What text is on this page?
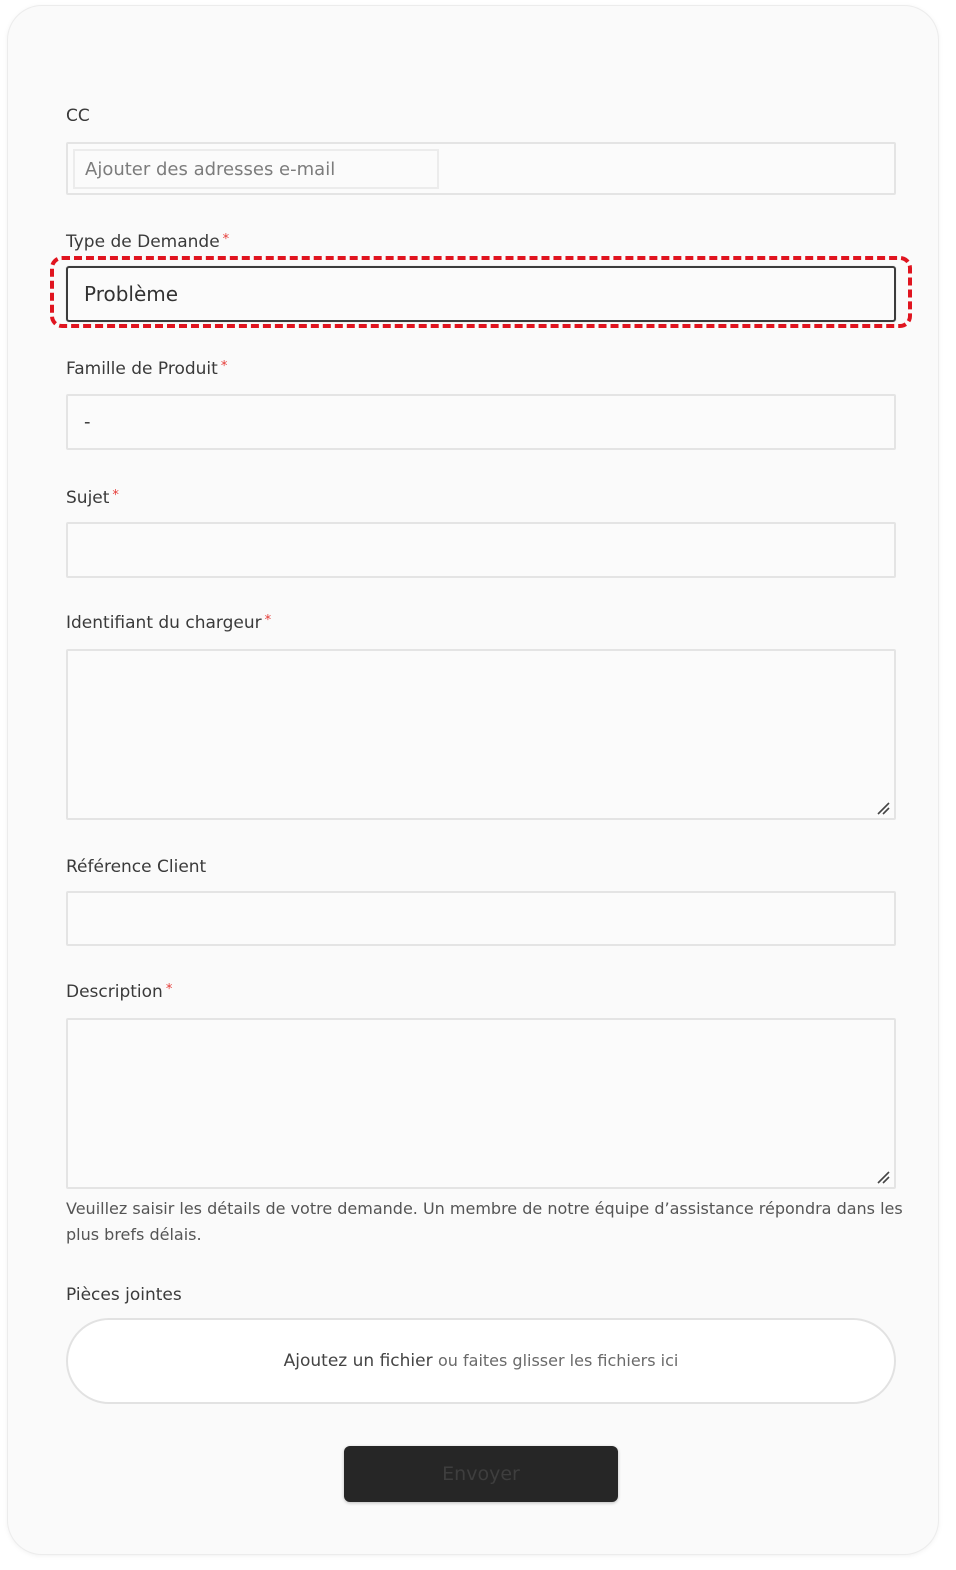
CC
Ajouter des adresses e-mail
Type de Demande *
Problème
Famille de Produit *
-
Sujet *
Identifiant du chargeur *
Référence Client
Description *
Veuillez saisir les détails de votre demande. Un membre de notre équipe d’assistance répondra dans les plus brefs délais.
Pièces jointes
Ajoutez un fichier ou faites glisser les fichiers ici
Envoyer
